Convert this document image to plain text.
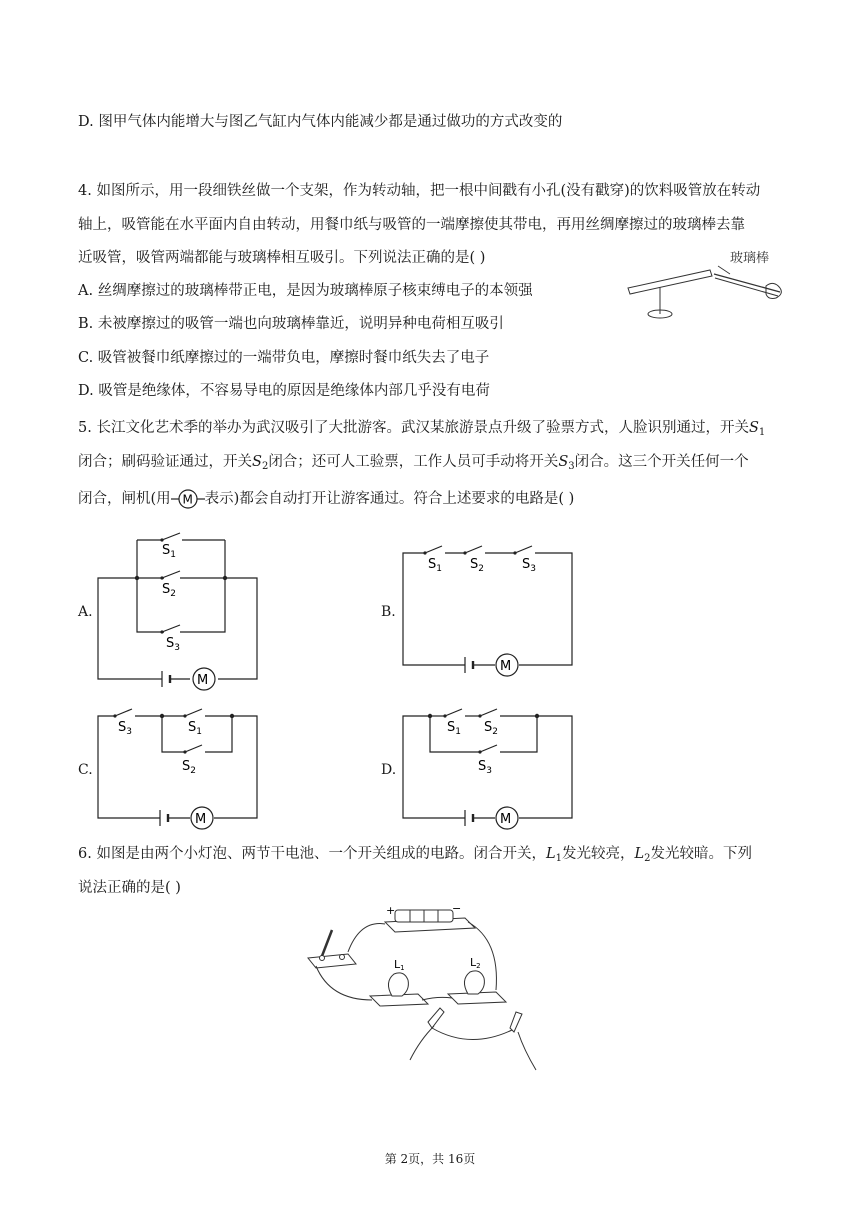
D. 图甲气体内能增大与图乙气缸内气体内能减少都是通过做功的方式改变的
4. 如图所示，用一段细铁丝做一个支架，作为转动轴，把一根中间戳有小孔(没有戳穿)的饮料吸管放在转动
轴上，吸管能在水平面内自由转动，用餐巾纸与吸管的一端摩擦使其带电，再用丝绸摩擦过的玻璃棒去靠
近吸管，吸管两端都能与玻璃棒相互吸引。下列说法正确的是( )
A. 丝绸摩擦过的玻璃棒带正电，是因为玻璃棒原子核束缚电子的本领强
B. 未被摩擦过的吸管一端也向玻璃棒靠近，说明异种电荷相互吸引
C. 吸管被餐巾纸摩擦过的一端带负电，摩擦时餐巾纸失去了电子
D. 吸管是绝缘体，不容易导电的原因是绝缘体内部几乎没有电荷
玻璃棒
5. 长江文化艺术季的举办为武汉吸引了大批游客。武汉某旅游景点升级了验票方式，人脸识别通过，开关$S_1$
闭合；刷码验证通过，开关$S_2$闭合；还可人工验票，工作人员可手动将开关$S_3$闭合。这三个开关任何一个
闭合，闸机(用 M 表示)都会自动打开让游客通过。符合上述要求的电路是( )
A.	B.
C.	D.
M
$S_1$
$S_2$
$S_3$
M
$S_1$ $S_2$	$S_3$
M
$S_3$	$S_1$
$S_2$
M
$S_1$ $S_2$
$S_3$
6. 如图是由两个小灯泡、两节干电池、一个开关组成的电路。闭合开关，$L_1$发光较亮，$L_2$发光较暗。下列
说法正确的是( )
+	−
L1	L2
第 2页，共 16页
